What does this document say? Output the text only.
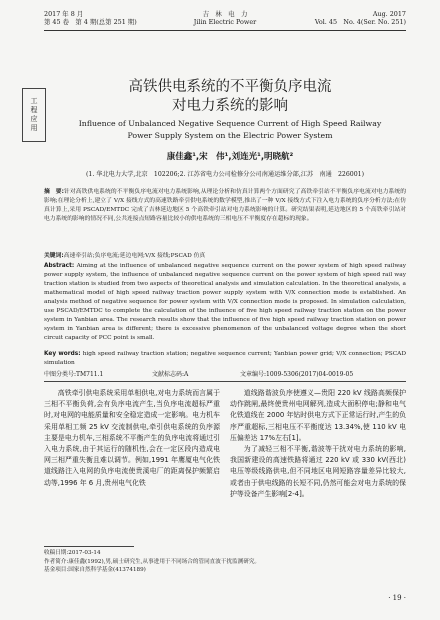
2017 年 8 月
第 45 卷　第 4 期(总第 251 期)
吉　林　电　力
Jilin Electric Power
Aug. 2017
Vol. 45　No. 4(Ser. No. 251)
工
程
应
用
高铁供电系统的不平衡负序电流
对电力系统的影响
Influence of Unbalanced Negative Sequence Current of High Speed Railway
Power Supply System on the Electric Power System
康佳鑫¹,宋　伟¹,刘连光¹,明晓航²
(1. 华北电力大学,北京　102206;2. 江苏省电力公司检修分公司南通运维分部,江苏　南通　226001)
摘　要:针对高铁供电系统的不平衡负序电流对电力系统影响,从理论分析和仿真计算两个方面研究了高铁牵引站不平衡负序电流对电力系统的影响;在理论分析上,建立了 V/X 接线方式的高速铁路牵引供电系统的数学模型,推出了一种 V/X 接线方式下注入电力系统的负序分析方法;在仿真计算上,采用 PSCAD/EMTDC 完成了吉林延边地区 5 个高铁牵引站对电力系统影响的计算。研究结果表明,延边地区的 5 个高铁牵引站对电力系统的影响的情况不同,公共连接点短路容量比较小的供电系统的三相电压不平衡度存在超标的现象。
关键词:高速牵引站;负序电流;延边电网;V/X 接线;PSCAD 仿真
Abstract: Aiming at the influence of unbalanced negative sequence current on the power system of high speed railway power supply system, the influence of unbalanced negative sequence current on the power system of high speed rail way traction station is studied from two aspects of theoretical analysis and simulation calculation. In the theoretical analysis, a mathematical model of high speed railway traction power supply system with V/X connection mode is established. An analysis method of negative sequence for power system with V/X connection mode is proposed. In simulation calculation, use PSCAD/EMTDC to complete the calculation of the influence of five high speed railway traction station on the power system in Yanbian area. The research results show that the influence of five high speed railway traction station on power system in Yanbian area is different; there is excessive phenomenon of the unbalanced voltage degree when the short circuit capacity of PCC point is small.
Key words: high speed railway traction station; negative sequence current; Yanbian power grid; V/X connection; PSCAD simulation
中图分类号:TM711.1	文献标志码:A	文章编号:1009-5306(2017)04-0019-05

高铁牵引供电系统采用单相供电,对电力系统而言属于三相不平衡负荷,会有负序电流产生,当负序电流超标严重时,对电网的电能质量和安全稳定造成一定影响。电力机车采用单相工频 25 kV 交流制供电,牵引供电系统的负序源主要是电力机车,三相系统不平衡产生的负序电流将通过引入电力系统,由于其运行的随机性,会在一定区段内造成电网三相严重失衡且难以调节。例如,1991 年鹰厦电气化铁道线路注入电网的负序电流使贵溪电厂的距离保护频繁启动等,1996 年 6 月,贵州电气化铁

道线路谐波负序使遵义—贵阳 220 kV 线路高频保护动作跳闸,最终使贵州电网解列,造成大面积停电;静和电气化铁道线在 2000 年钻时供电方式下正常运行时,产生的负序严重超标,三相电压不平衡度达 13.34%,使 110 kV 电压偏差达 17%左右[1]。

为了减轻三相不平衡,谐波等干扰对电力系统的影响,我国新建设的高速铁路将通过 220 kV 或 330 kV(西北)电压等级线路供电,但不同地区电网短路容量差异比较大,或者由于供电线路的长短不同,仍然可能会对电力系统的保护等设备产生影响[2-4]。

收稿日期:2017-03-14
作者简介:康佳鑫(1992),男,硕士研究生,从事进用于不同场合的管同直波干扰监测研究。
基金项目:国家自然科学基金(41374189)
· 19 ·
